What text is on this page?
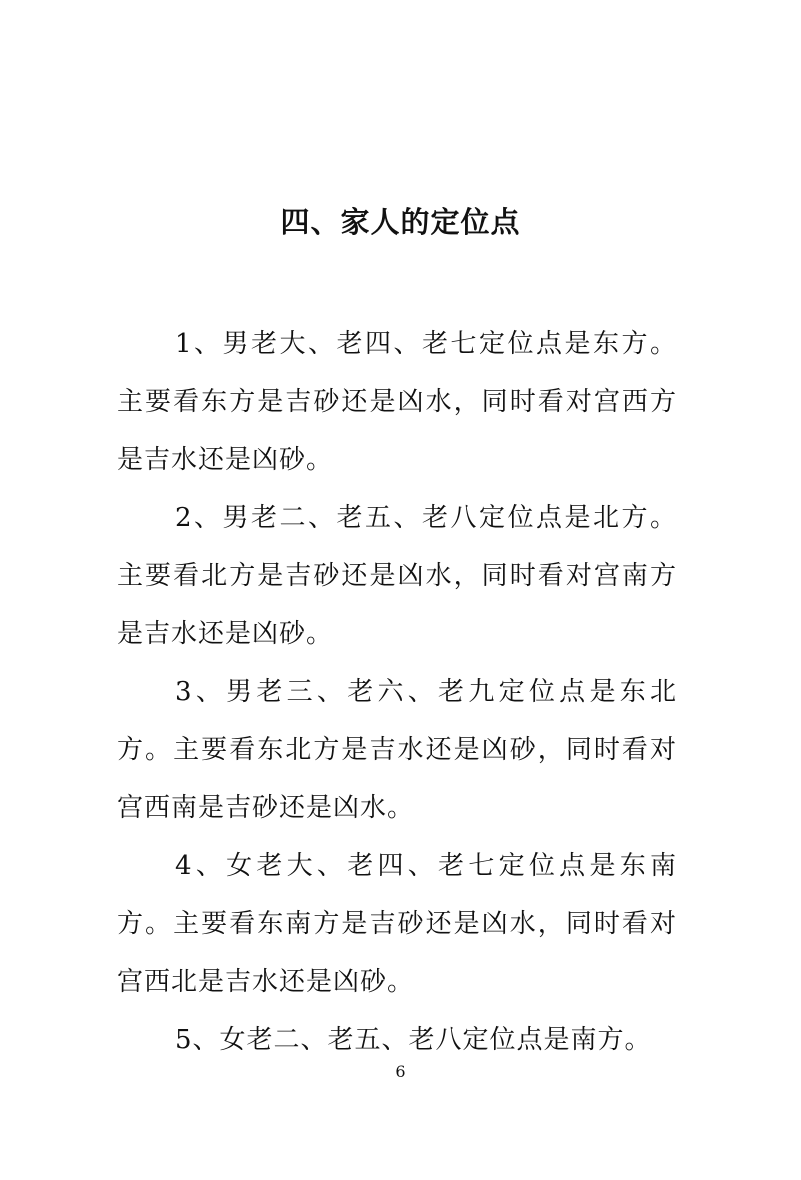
四、家人的定位点

1、男老大、老四、老七定位点是东方。主要看东方是吉砂还是凶水，同时看对宫西方是吉水还是凶砂。

2、男老二、老五、老八定位点是北方。主要看北方是吉砂还是凶水，同时看对宫南方是吉水还是凶砂。

3、男老三、老六、老九定位点是东北方。主要看东北方是吉水还是凶砂，同时看对宫西南是吉砂还是凶水。

4、女老大、老四、老七定位点是东南方。主要看东南方是吉砂还是凶水，同时看对宫西北是吉水还是凶砂。

5、女老二、老五、老八定位点是南方。

6
